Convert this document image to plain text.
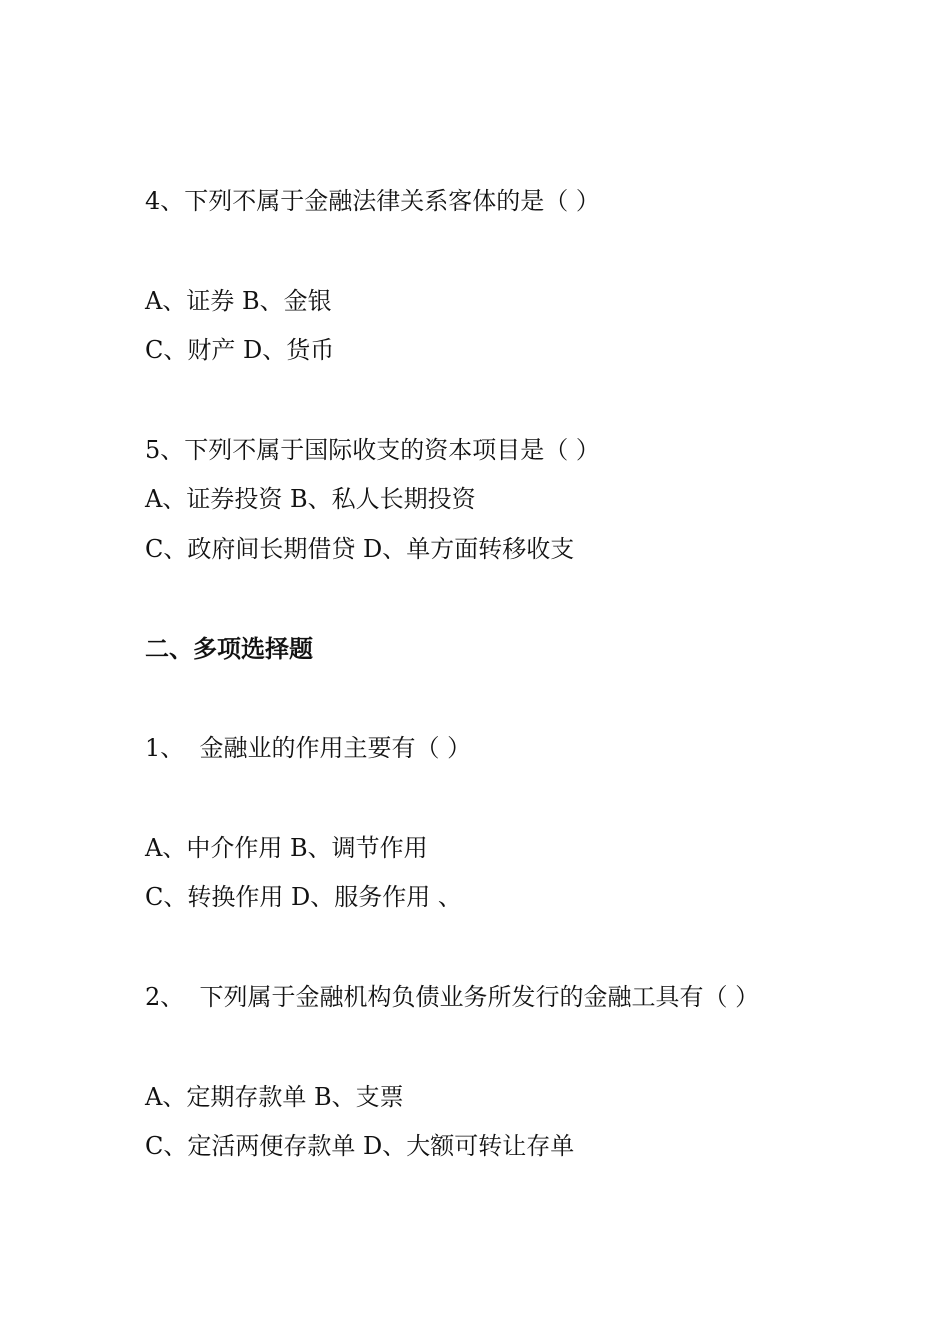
4、下列不属于金融法律关系客体的是（ ）

A、证券 B、金银

C、财产 D、货币

5、下列不属于国际收支的资本项目是（ ）

A、证券投资 B、私人长期投资

C、政府间长期借贷 D、单方面转移收支

二、多项选择题

1、  金融业的作用主要有（ ）

A、中介作用 B、调节作用

C、转换作用 D、服务作用 、

2、  下列属于金融机构负债业务所发行的金融工具有（ ）

A、定期存款单 B、支票

C、定活两便存款单 D、大额可转让存单
